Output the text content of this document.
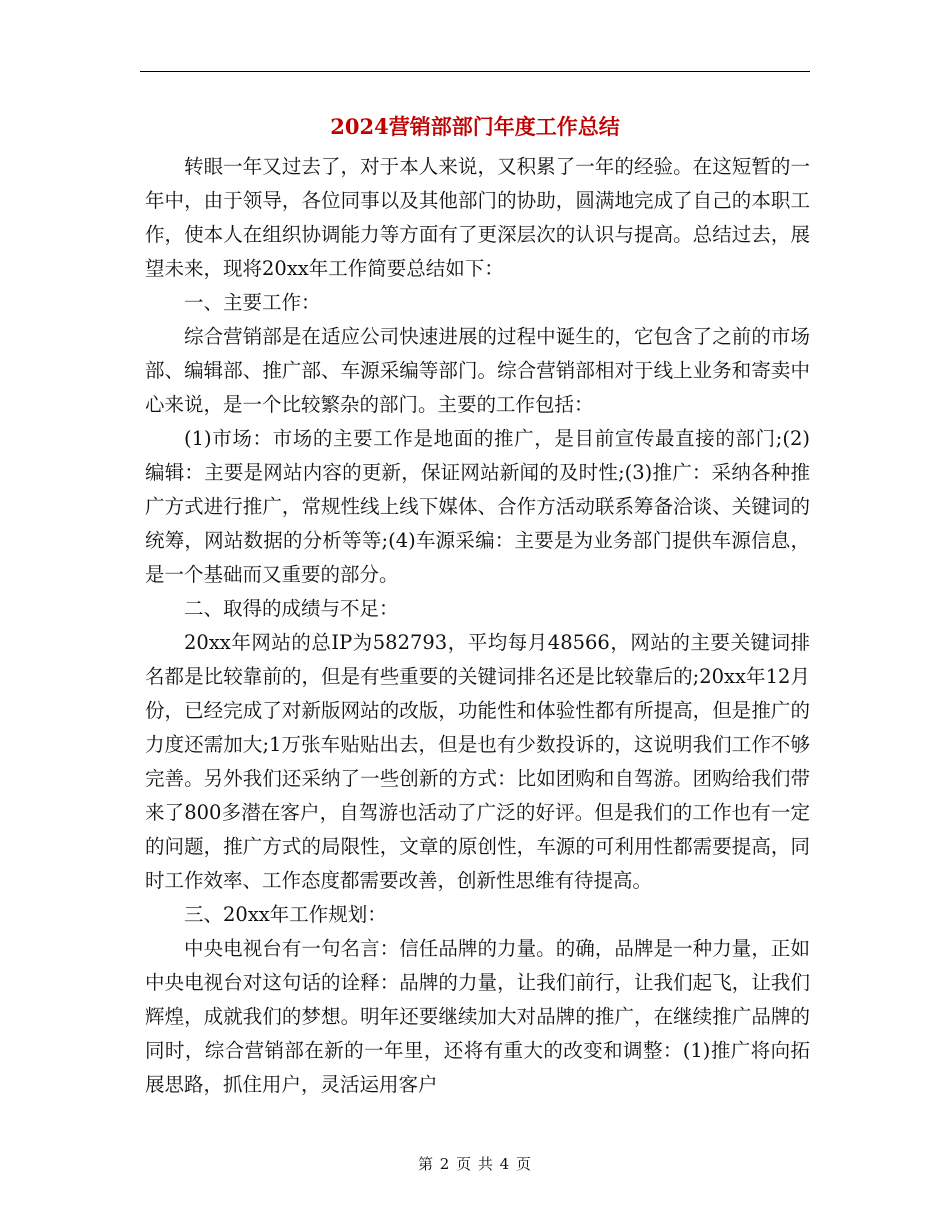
2024营销部部门年度工作总结

转眼一年又过去了，对于本人来说，又积累了一年的经验。在这短暂的一年中，由于领导，各位同事以及其他部门的协助，圆满地完成了自己的本职工作，使本人在组织协调能力等方面有了更深层次的认识与提高。总结过去，展望未来，现将20xx年工作简要总结如下：

一、主要工作：

综合营销部是在适应公司快速进展的过程中诞生的，它包含了之前的市场部、编辑部、推广部、车源采编等部门。综合营销部相对于线上业务和寄卖中心来说，是一个比较繁杂的部门。主要的工作包括：

(1)市场：市场的主要工作是地面的推广，是目前宣传最直接的部门;(2)编辑：主要是网站内容的更新，保证网站新闻的及时性;(3)推广：采纳各种推广方式进行推广，常规性线上线下媒体、合作方活动联系筹备洽谈、关键词的统筹，网站数据的分析等等;(4)车源采编：主要是为业务部门提供车源信息，是一个基础而又重要的部分。

二、取得的成绩与不足：

20xx年网站的总IP为582793，平均每月48566，网站的主要关键词排名都是比较靠前的，但是有些重要的关键词排名还是比较靠后的;20xx年12月份，已经完成了对新版网站的改版，功能性和体验性都有所提高，但是推广的力度还需加大;1万张车贴贴出去，但是也有少数投诉的，这说明我们工作不够完善。另外我们还采纳了一些创新的方式：比如团购和自驾游。团购给我们带来了800多潜在客户，自驾游也活动了广泛的好评。但是我们的工作也有一定的问题，推广方式的局限性，文章的原创性，车源的可利用性都需要提高，同时工作效率、工作态度都需要改善，创新性思维有待提高。

三、20xx年工作规划：

中央电视台有一句名言：信任品牌的力量。的确，品牌是一种力量，正如中央电视台对这句话的诠释：品牌的力量，让我们前行，让我们起飞，让我们辉煌，成就我们的梦想。明年还要继续加大对品牌的推广，在继续推广品牌的同时，综合营销部在新的一年里，还将有重大的改变和调整：(1)推广将向拓展思路，抓住用户，灵活运用客户

第 2 页 共 4 页
